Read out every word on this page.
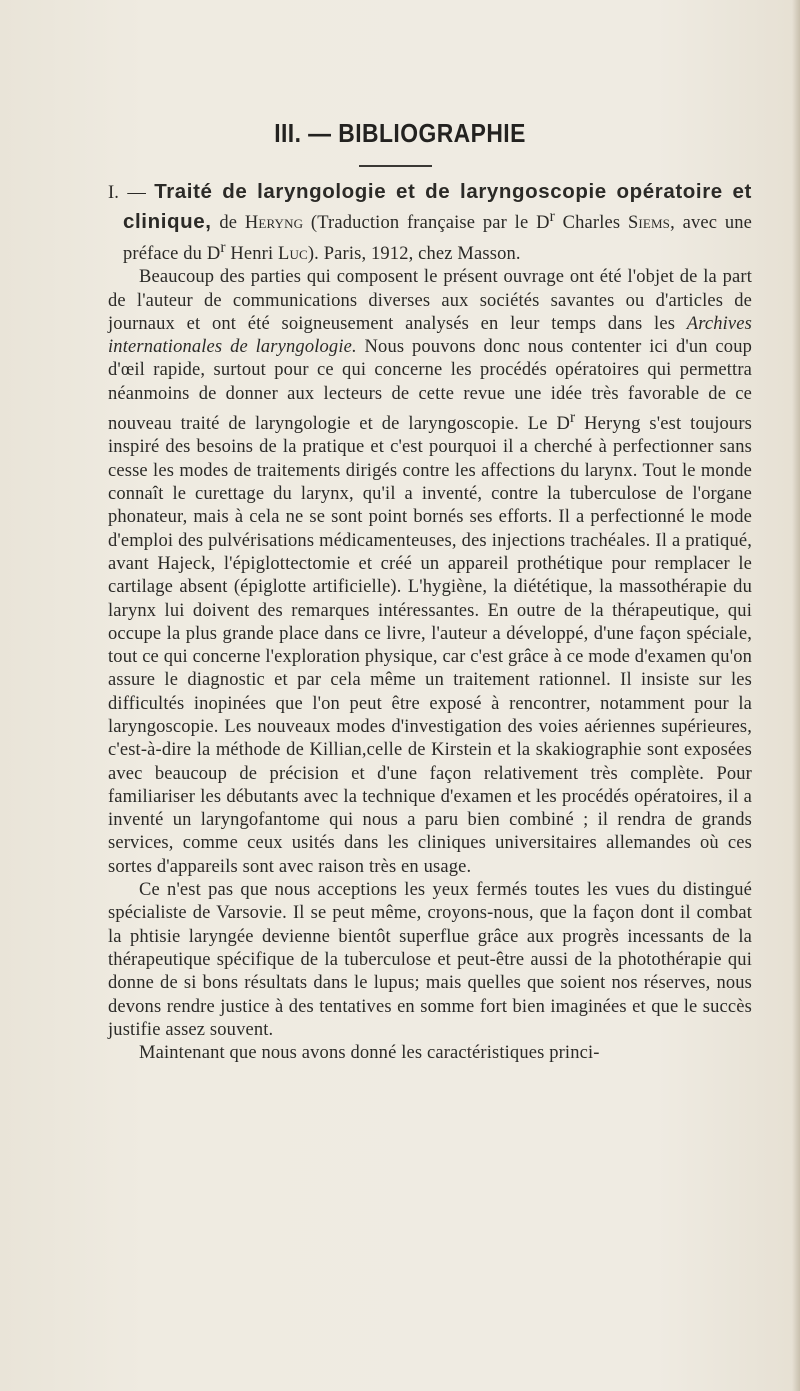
III. — BIBLIOGRAPHIE

I. — Traité de laryngologie et de laryngoscopie opératoire et clinique, de Heryng (Traduction française par le $D^r$ Charles Siems, avec une préface du $D^r$ Henri Luc). Paris, 1912, chez Masson.

Beaucoup des parties qui composent le présent ouvrage ont été l'objet de la part de l'auteur de communications diverses aux sociétés savantes ou d'articles de journaux et ont été soigneusement analysés en leur temps dans les Archives internationales de laryngologie. Nous pouvons donc nous contenter ici d'un coup d'œil rapide, surtout pour ce qui concerne les procédés opératoires qui permettra néanmoins de donner aux lecteurs de cette revue une idée très favorable de ce nouveau traité de laryngologie et de laryngoscopie. Le $D^r$ Heryng s'est toujours inspiré des besoins de la pratique et c'est pourquoi il a cherché à perfectionner sans cesse les modes de traitements dirigés contre les affections du larynx. Tout le monde connaît le curettage du larynx, qu'il a inventé, contre la tuberculose de l'organe phonateur, mais à cela ne se sont point bornés ses efforts. Il a perfectionné le mode d'emploi des pulvérisations médicamenteuses, des injections trachéales. Il a pratiqué, avant Hajeck, l'épiglottectomie et créé un appareil prothétique pour remplacer le cartilage absent (épiglotte artificielle). L'hygiène, la diététique, la massothérapie du larynx lui doivent des remarques intéressantes. En outre de la thérapeutique, qui occupe la plus grande place dans ce livre, l'auteur a développé, d'une façon spéciale, tout ce qui concerne l'exploration physique, car c'est grâce à ce mode d'examen qu'on assure le diagnostic et par cela même un traitement rationnel. Il insiste sur les difficultés inopinées que l'on peut être exposé à rencontrer, notamment pour la laryngoscopie. Les nouveaux modes d'investigation des voies aériennes supérieures, c'est-à-dire la méthode de Killian,celle de Kirstein et la skakiographie sont exposées avec beaucoup de précision et d'une façon relativement très complète. Pour familiariser les débutants avec la technique d'examen et les procédés opératoires, il a inventé un laryngofantome qui nous a paru bien combiné ; il rendra de grands services, comme ceux usités dans les cliniques universitaires allemandes où ces sortes d'appareils sont avec raison très en usage.

Ce n'est pas que nous acceptions les yeux fermés toutes les vues du distingué spécialiste de Varsovie. Il se peut même, croyons-nous, que la façon dont il combat la phtisie laryngée devienne bientôt superflue grâce aux progrès incessants de la thérapeutique spécifique de la tuberculose et peut-être aussi de la photothérapie qui donne de si bons résultats dans le lupus; mais quelles que soient nos réserves, nous devons rendre justice à des tentatives en somme fort bien imaginées et que le succès justifie assez souvent.

Maintenant que nous avons donné les caractéristiques princi-
